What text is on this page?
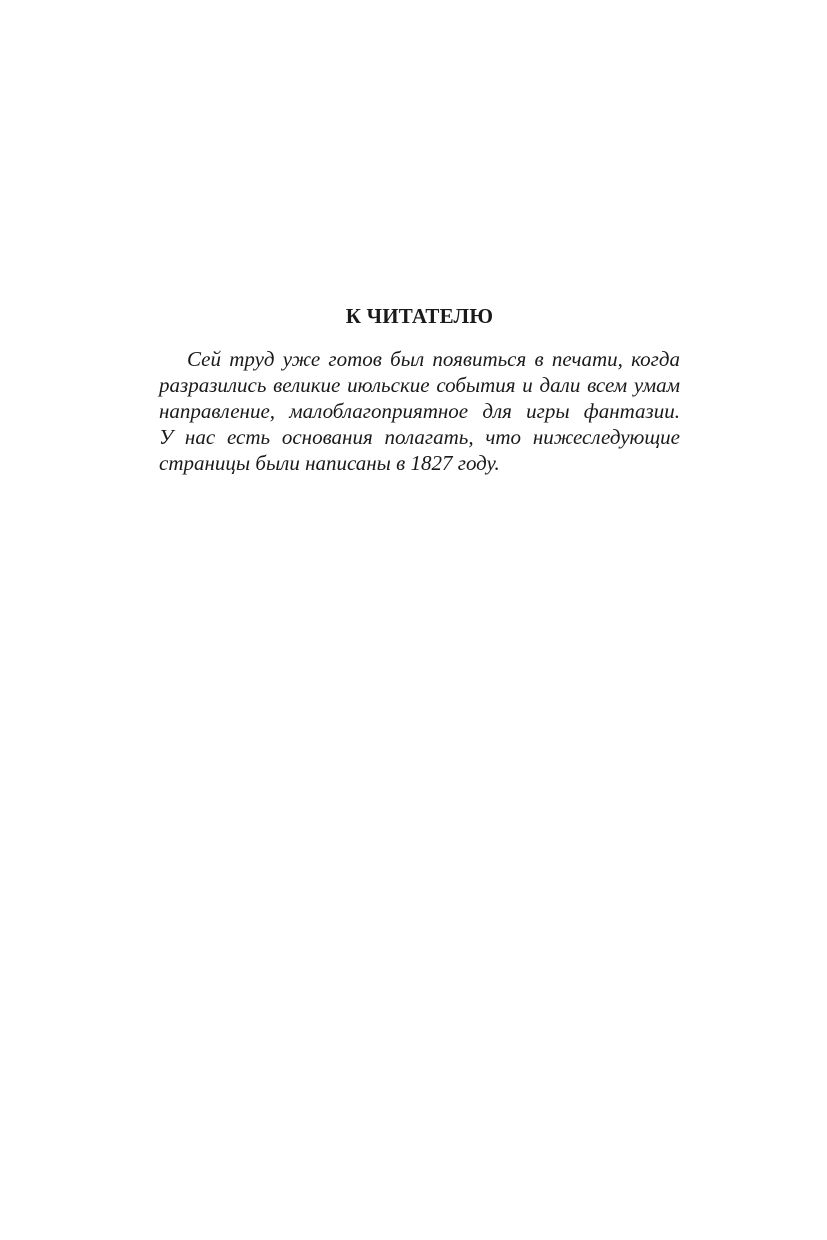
К ЧИТАТЕЛЮ
Сей труд уже готов был появиться в печати, когда
разразились великие июльские события и дали всем умам
направление, малоблагоприятное для игры фантазии.
У нас есть основания полагать, что нижеследующие
страницы были написаны в 1827 году.
